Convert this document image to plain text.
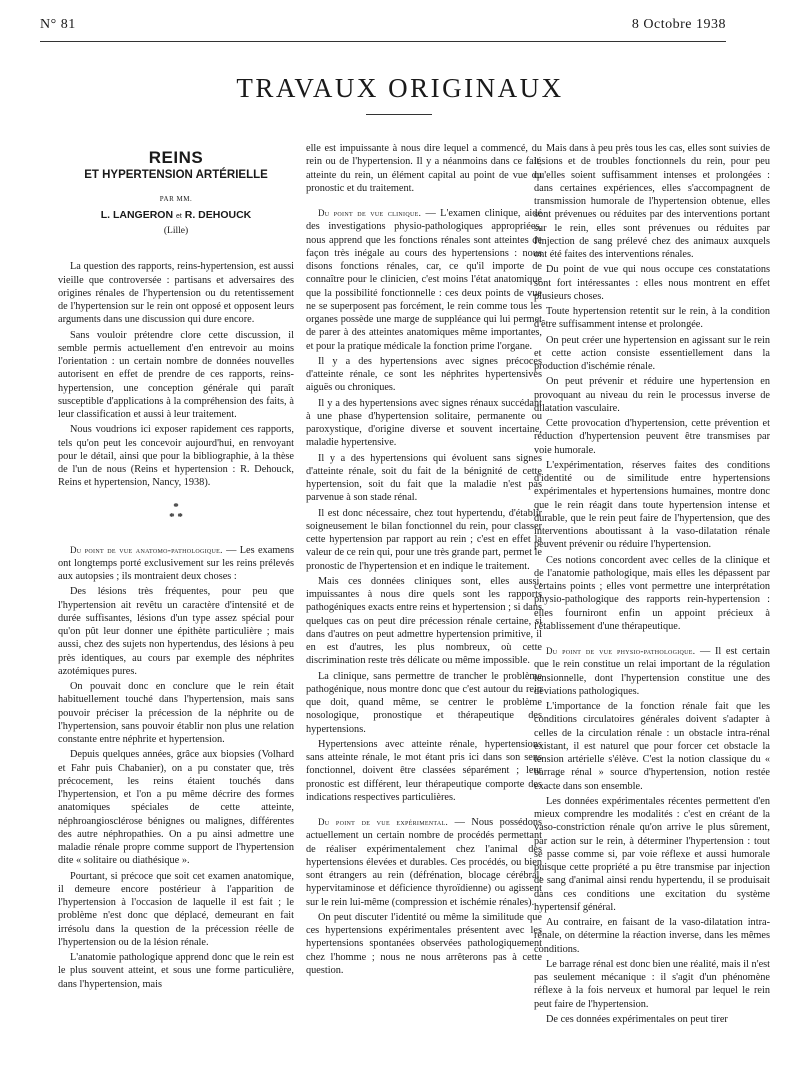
N° 81	8 Octobre 1938
TRAVAUX ORIGINAUX
REINS
ET HYPERTENSION ARTÉRIELLE
PAR MM.
L. LANGERON et R. DEHOUCK
(Lille)

La question des rapports, reins-hypertension, est aussi vieille que controversée : partisans et adversaires des origines rénales de l'hypertension ou du retentissement de l'hypertension sur le rein ont opposé et opposent leurs arguments dans une discussion qui dure encore.

Sans vouloir prétendre clore cette discussion, il semble permis actuellement d'en entrevoir au moins l'orientation : un certain nombre de données nouvelles autorisent en effet de prendre de ces rapports, reins-hypertension, une conception générale qui paraît susceptible d'applications à la compréhension des faits, à leur classification et aussi à leur traitement.

Nous voudrions ici exposer rapidement ces rapports, tels qu'on peut les concevoir aujourd'hui, en renvoyant pour le détail, ainsi que pour la bibliographie, à la thèse de l'un de nous (Reins et hypertension : R. Dehouck, Reins et hypertension, Nancy, 1938).

*
* *

Du point de vue anatomo-pathologique. — Les examens ont longtemps porté exclusivement sur les reins prélevés aux autopsies ; ils montraient deux choses :

Des lésions très fréquentes, pour peu que l'hypertension ait revêtu un caractère d'intensité et de durée suffisantes, lésions d'un type assez spécial pour qu'on pût leur donner une épithète particulière ; mais aussi, chez des sujets non hypertendus, des lésions à peu près identiques, au cours par exemple des néphrites azotémiques pures.

On pouvait donc en conclure que le rein était habituellement touché dans l'hypertension, mais sans pouvoir préciser la précession de la néphrite ou de l'hypertension, sans pouvoir établir non plus une relation constante entre néphrite et hypertension.

Depuis quelques années, grâce aux biopsies (Volhard et Fahr puis Chabanier), on a pu constater que, très précocement, les reins étaient touchés dans l'hypertension, et l'on a pu même décrire des formes anatomiques spéciales de cette atteinte, néphroangiosclérose bénignes ou malignes, différentes des autre néphropathies. On a pu ainsi admettre une maladie rénale propre comme support de l'hypertension dite « solitaire ou diathésique ».

Pourtant, si précoce que soit cet examen anatomique, il demeure encore postérieur à l'apparition de l'hypertension à l'occasion de laquelle il est fait ; le problème n'est donc que déplacé, demeurant en fait irrésolu dans la question de la précession réelle de l'hypertension ou de la lésion rénale.

L'anatomie pathologique apprend donc que le rein est le plus souvent atteint, et sous une forme particulière, dans l'hypertension, mais

elle est impuissante à nous dire lequel a commencé, du rein ou de l'hypertension. Il y a néanmoins dans ce fait, atteinte du rein, un élément capital au point de vue du pronostic et du traitement.

Du point de vue clinique. — L'examen clinique, aidé des investigations physio-pathologiques appropriées, nous apprend que les fonctions rénales sont atteintes de façon très inégale au cours des hypertensions : nous disons fonctions rénales, car, ce qu'il importe de connaître pour le clinicien, c'est moins l'état anatomique que la possibilité fonctionnelle : ces deux points de vue ne se superposent pas forcément, le rein comme tous les organes possède une marge de suppléance qui lui permet de parer à des atteintes anatomiques même importantes, et pour la pratique médicale la fonction prime l'organe.

Il y a des hypertensions avec signes précoces d'atteinte rénale, ce sont les néphrites hypertensives aiguës ou chroniques.

Il y a des hypertensions avec signes rénaux succédant à une phase d'hypertension solitaire, permanente ou paroxystique, d'origine diverse et souvent incertaine, maladie hypertensive.

Il y a des hypertensions qui évoluent sans signes d'atteinte rénale, soit du fait de la bénignité de cette hypertension, soit du fait que la maladie n'est pas parvenue à son stade rénal.

Il est donc nécessaire, chez tout hypertendu, d'établir soigneusement le bilan fonctionnel du rein, pour classer cette hypertension par rapport au rein ; c'est en effet la valeur de ce rein qui, pour une très grande part, permet le pronostic de l'hypertension et en indique le traitement.

Mais ces données cliniques sont, elles aussi, impuissantes à nous dire quels sont les rapports pathogéniques exacts entre reins et hypertension ; si dans quelques cas on peut dire précession rénale certaine, si dans d'autres on peut admettre hypertension primitive, il en est d'autres, les plus nombreux, où cette discrimination reste très délicate ou même impossible.

La clinique, sans permettre de trancher le problème pathogénique, nous montre donc que c'est autour du rein que doit, quand même, se centrer le problème nosologique, pronostique et thérapeutique des hypertensions.

Hypertensions avec atteinte rénale, hypertensions sans atteinte rénale, le mot étant pris ici dans son sens fonctionnel, doivent être classées séparément ; leur pronostic est différent, leur thérapeutique comporte des indications respectives particulières.

Du point de vue expérimental. — Nous possédons actuellement un certain nombre de procédés permettant de réaliser expérimentalement chez l'animal des hypertensions élevées et durables. Ces procédés, ou bien sont étrangers au rein (défrénation, blocage cérébral, hypervitaminose et déficience thyroïdienne) ou agissent sur le rein lui-même (compression et ischémie rénales).

On peut discuter l'identité ou même la similitude que ces hypertensions expérimentales présentent avec les hypertensions spontanées observées pathologiquement chez l'homme ; nous ne nous arrêterons pas à cette question.

Mais dans à peu près tous les cas, elles sont suivies de lésions et de troubles fonctionnels du rein, pour peu qu'elles soient suffisamment intenses et prolongées : dans certaines expériences, elles s'accompagnent de transmission humorale de l'hypertension obtenue, elles sont prévenues ou réduites par des interventions portant sur le rein, elles sont prévenues ou réduites par l'injection de sang prélevé chez des animaux auxquels ont été faites des interventions rénales.

Du point de vue qui nous occupe ces constatations sont fort intéressantes : elles nous montrent en effet plusieurs choses.

Toute hypertension retentit sur le rein, à la condition d'être suffisamment intense et prolongée.

On peut créer une hypertension en agissant sur le rein et cette action consiste essentiellement dans la production d'ischémie rénale.

On peut prévenir et réduire une hypertension en provoquant au niveau du rein le processus inverse de dilatation vasculaire.

Cette provocation d'hypertension, cette prévention et réduction d'hypertension peuvent être transmises par voie humorale.

L'expérimentation, réserves faites des conditions d'identité ou de similitude entre hypertensions expérimentales et hypertensions humaines, montre donc que le rein réagit dans toute hypertension intense et durable, que le rein peut faire de l'hypertension, que des interventions aboutissant à la vaso-dilatation rénale peuvent prévenir ou réduire l'hypertension.

Ces notions concordent avec celles de la clinique et de l'anatomie pathologique, mais elles les dépassent par certains points ; elles vont permettre une interprétation physio-pathologique des rapports rein-hypertension : elles fourniront enfin un appoint précieux à l'établissement d'une thérapeutique.

Du point de vue physio-pathologique. — Il est certain que le rein constitue un relai important de la régulation tensionnelle, dont l'hypertension constitue une des déviations pathologiques.

L'importance de la fonction rénale fait que les conditions circulatoires générales doivent s'adapter à celles de la circulation rénale : un obstacle intra-rénal existant, il est naturel que pour forcer cet obstacle la tension artérielle s'élève. C'est la notion classique du « barrage rénal » source d'hypertension, notion restée exacte dans son ensemble.

Les données expérimentales récentes permettent d'en mieux comprendre les modalités : c'est en créant de la vaso-constriction rénale qu'on arrive le plus sûrement, par action sur le rein, à déterminer l'hypertension : tout se passe comme si, par voie réflexe et aussi humorale puisque cette propriété a pu être transmise par injection de sang d'animal ainsi rendu hypertendu, il se produisait dans ces conditions une excitation du système hypertensif général.

Au contraire, en faisant de la vaso-dilatation intra-rénale, on détermine la réaction inverse, dans les mêmes conditions.

Le barrage rénal est donc bien une réalité, mais il n'est pas seulement mécanique : il s'agit d'un phénomène réflexe à la fois nerveux et humoral par lequel le rein peut faire de l'hypertension.

De ces données expérimentales on peut tirer
